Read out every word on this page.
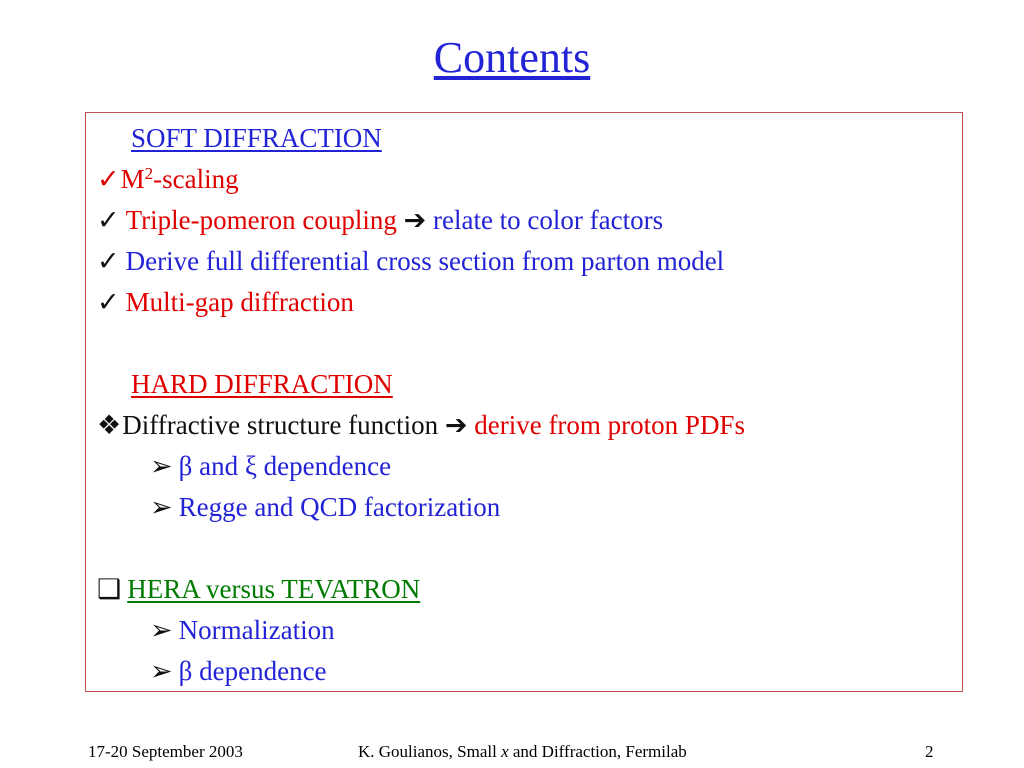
Contents
SOFT DIFFRACTION
$✓M^2$-scaling
✓ Triple-pomeron coupling ➔ relate to color factors
✓ Derive full differential cross section from parton model
✓ Multi-gap diffraction
HARD DIFFRACTION
❖Diffractive structure function ➔ derive from proton PDFs
➢ β and ξ dependence
➢ Regge and QCD factorization
❑ HERA versus TEVATRON
➢ Normalization
➢ β dependence
17-20 September 2003	K. Goulianos, Small x and Diffraction, Fermilab	2
